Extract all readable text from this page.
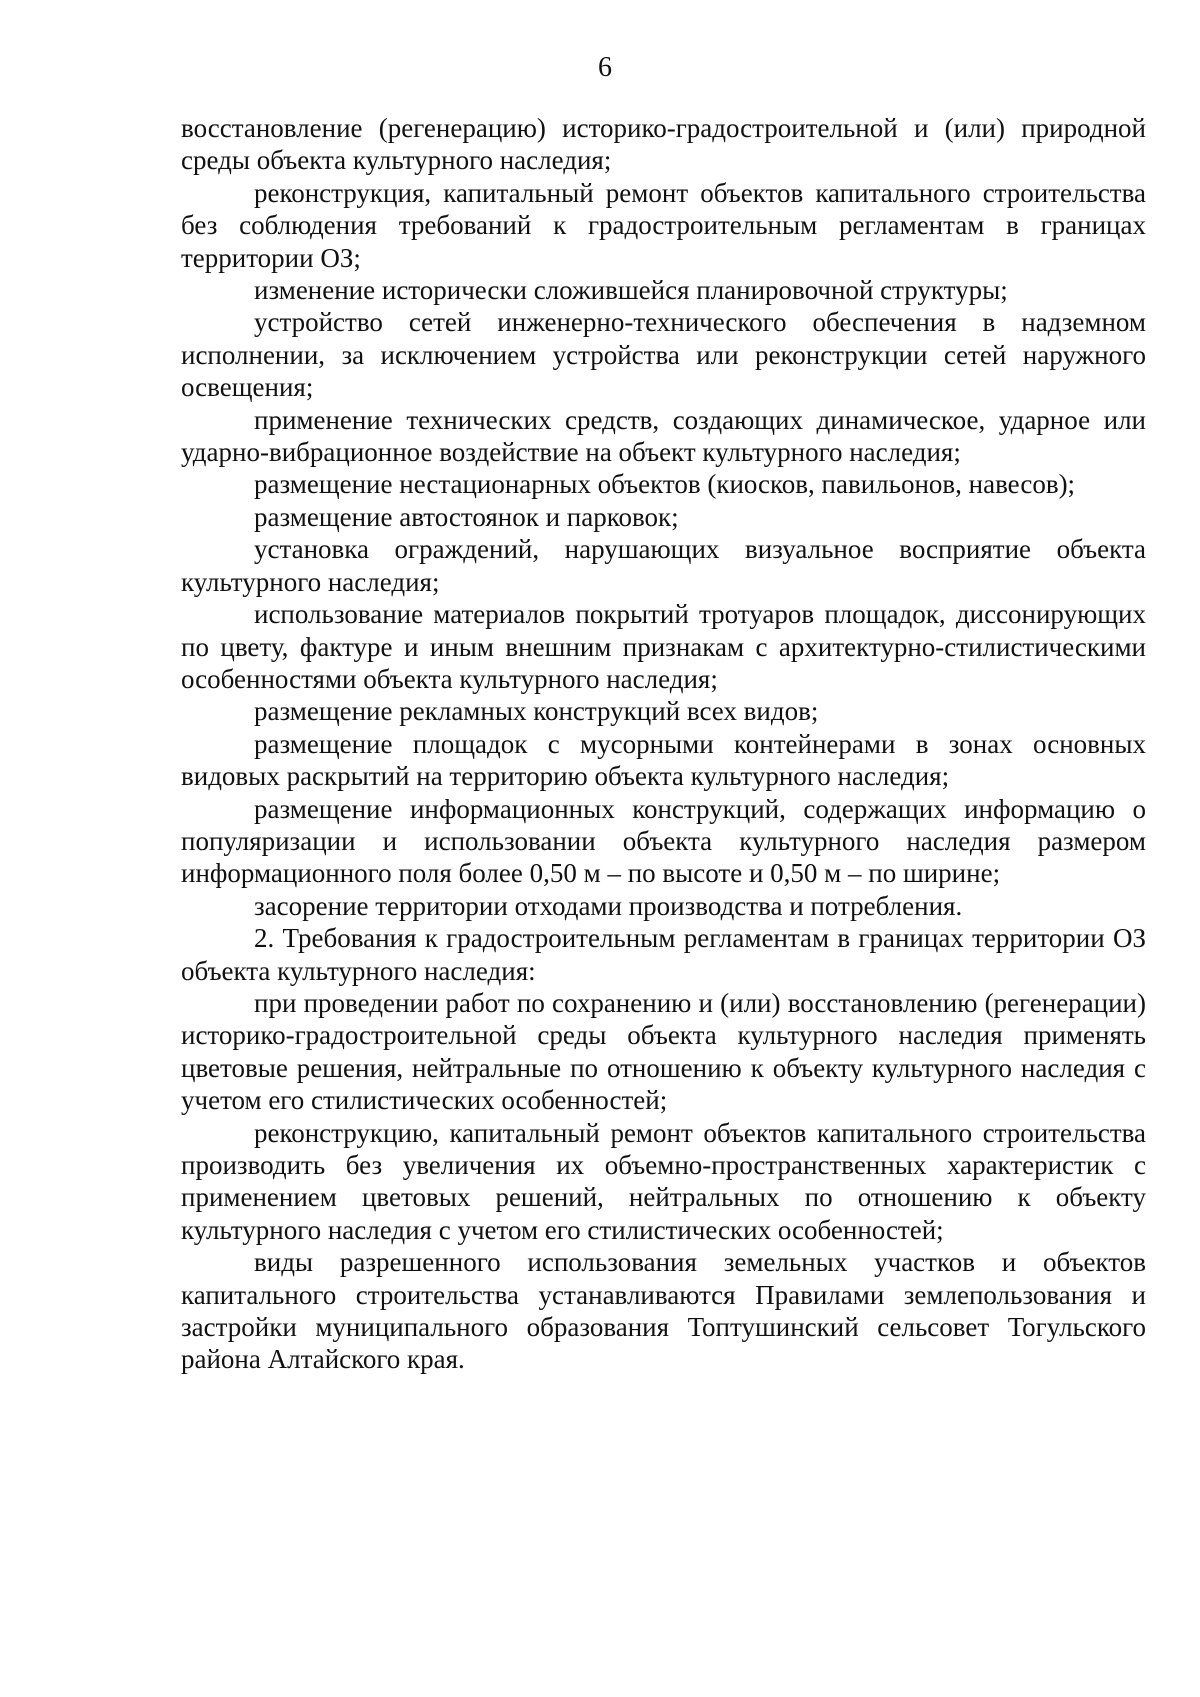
6

восстановление (регенерацию) историко-градостроительной и (или) природной среды объекта культурного наследия;

реконструкция, капитальный ремонт объектов капитального строительства без соблюдения требований к градостроительным регламентам в границах территории ОЗ;

изменение исторически сложившейся планировочной структуры;

устройство сетей инженерно-технического обеспечения в надземном исполнении, за исключением устройства или реконструкции сетей наружного освещения;

применение технических средств, создающих динамическое, ударное или ударно-вибрационное воздействие на объект культурного наследия;

размещение нестационарных объектов (киосков, павильонов, навесов);

размещение автостоянок и парковок;

установка ограждений, нарушающих визуальное восприятие объекта культурного наследия;

использование материалов покрытий тротуаров площадок, диссонирующих по цвету, фактуре и иным внешним признакам с архитектурно-стилистическими особенностями объекта культурного наследия;

размещение рекламных конструкций всех видов;

размещение площадок с мусорными контейнерами в зонах основных видовых раскрытий на территорию объекта культурного наследия;

размещение информационных конструкций, содержащих информацию о популяризации и использовании объекта культурного наследия размером информационного поля более 0,50 м – по высоте и 0,50 м – по ширине;

засорение территории отходами производства и потребления.

2. Требования к градостроительным регламентам в границах территории ОЗ объекта культурного наследия:

при проведении работ по сохранению и (или) восстановлению (регенерации) историко-градостроительной среды объекта культурного наследия применять цветовые решения, нейтральные по отношению к объекту культурного наследия с учетом его стилистических особенностей;

реконструкцию, капитальный ремонт объектов капитального строительства производить без увеличения их объемно-пространственных характеристик с применением цветовых решений, нейтральных по отношению к объекту культурного наследия с учетом его стилистических особенностей;

виды разрешенного использования земельных участков и объектов капитального строительства устанавливаются Правилами землепользования и застройки муниципального образования Топтушинский сельсовет Тогульского района Алтайского края.
